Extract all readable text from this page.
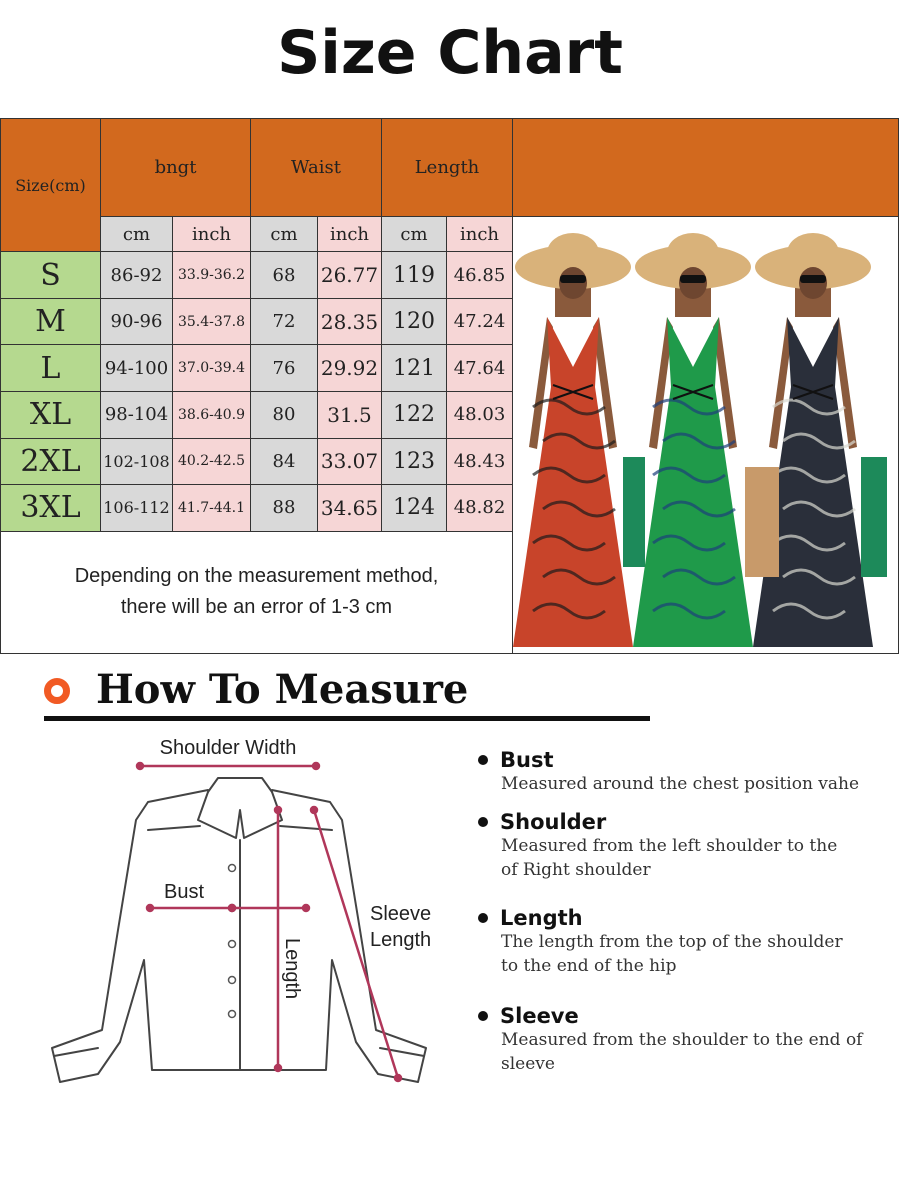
Size Chart
Size(cm)	bngt		Waist		Length		
	cm	inch	cm	inch	cm	inch	

S	86-92	33.9-36.2	68	26.77	119	46.85	
M	90-96	35.4-37.8	72	28.35	120	47.24	
L	94-100	37.0-39.4	76	29.92	121	47.64	
XL	98-104	38.6-40.9	80	31.5	122	48.03	
2XL	102-108	40.2-42.5	84	33.07	123	48.43	
3XL	106-112	41.7-44.1	88	34.65	124	48.82	

Depending on the measurement method,
there will be an error of 1-3 cm							
How To Measure
Shoulder Width
Bust
Length
Sleeve
Length
Bust
Measured around the chest position vahe
Shoulder
Measured from the left shoulder to the of Right shoulder
Length
The length from the top of the shoulder to the end of the hip
Sleeve
Measured from the shoulder to the end of sleeve
